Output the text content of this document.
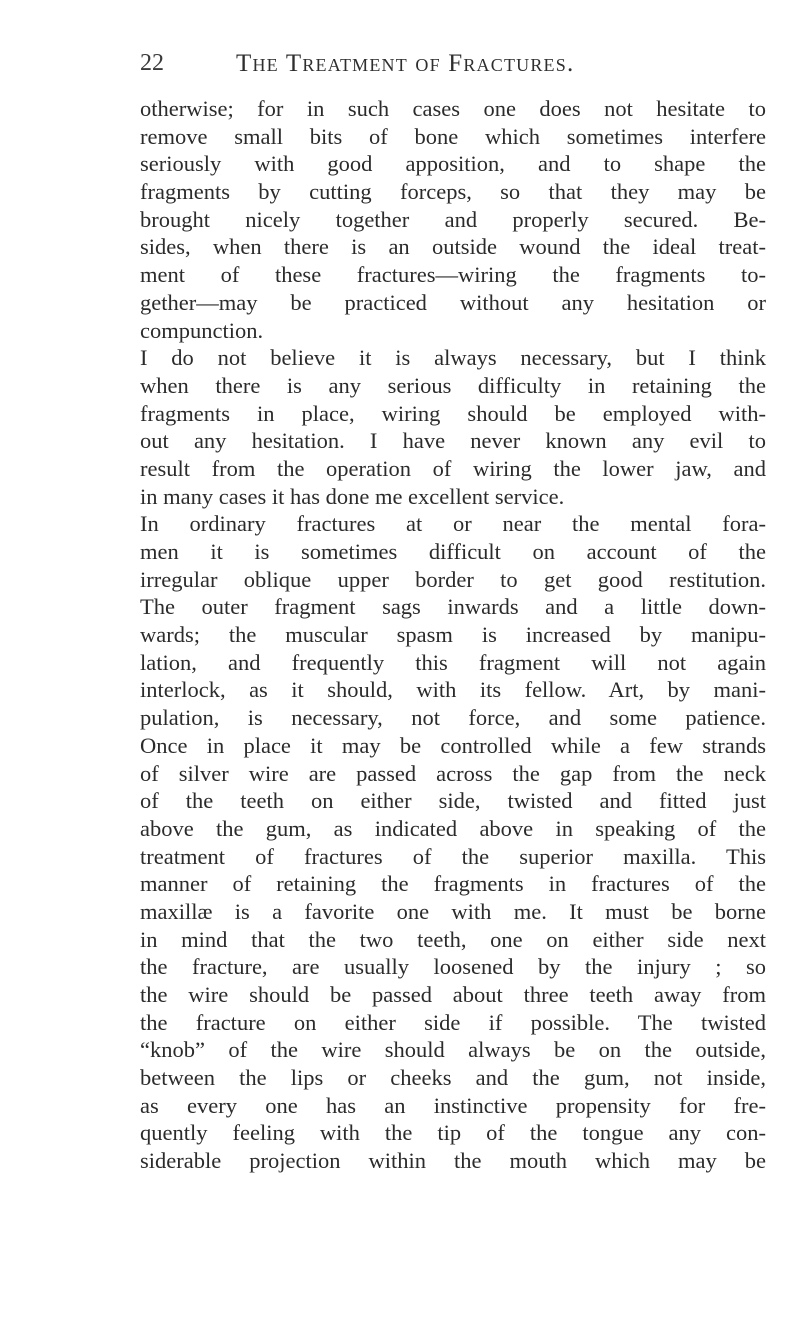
22	The Treatment of Fractures.
otherwise; for in such cases one does not hesitate to
remove small bits of bone which sometimes interfere
seriously with good apposition, and to shape the
fragments by cutting forceps, so that they may be
brought nicely together and properly secured. Be-
sides, when there is an outside wound the ideal treat-
ment of these fractures—wiring the fragments to-
gether—may be practiced without any hesitation or
compunction.
I do not believe it is always necessary, but I think
when there is any serious difficulty in retaining the
fragments in place, wiring should be employed with-
out any hesitation. I have never known any evil to
result from the operation of wiring the lower jaw, and
in many cases it has done me excellent service.
In ordinary fractures at or near the mental fora-
men it is sometimes difficult on account of the
irregular oblique upper border to get good restitution.
The outer fragment sags inwards and a little down-
wards; the muscular spasm is increased by manipu-
lation, and frequently this fragment will not again
interlock, as it should, with its fellow. Art, by mani-
pulation, is necessary, not force, and some patience.
Once in place it may be controlled while a few strands
of silver wire are passed across the gap from the neck
of the teeth on either side, twisted and fitted just
above the gum, as indicated above in speaking of the
treatment of fractures of the superior maxilla. This
manner of retaining the fragments in fractures of the
maxillæ is a favorite one with me. It must be borne
in mind that the two teeth, one on either side next
the fracture, are usually loosened by the injury ; so
the wire should be passed about three teeth away from
the fracture on either side if possible. The twisted
“knob” of the wire should always be on the outside,
between the lips or cheeks and the gum, not inside,
as every one has an instinctive propensity for fre-
quently feeling with the tip of the tongue any con-
siderable projection within the mouth which may be
